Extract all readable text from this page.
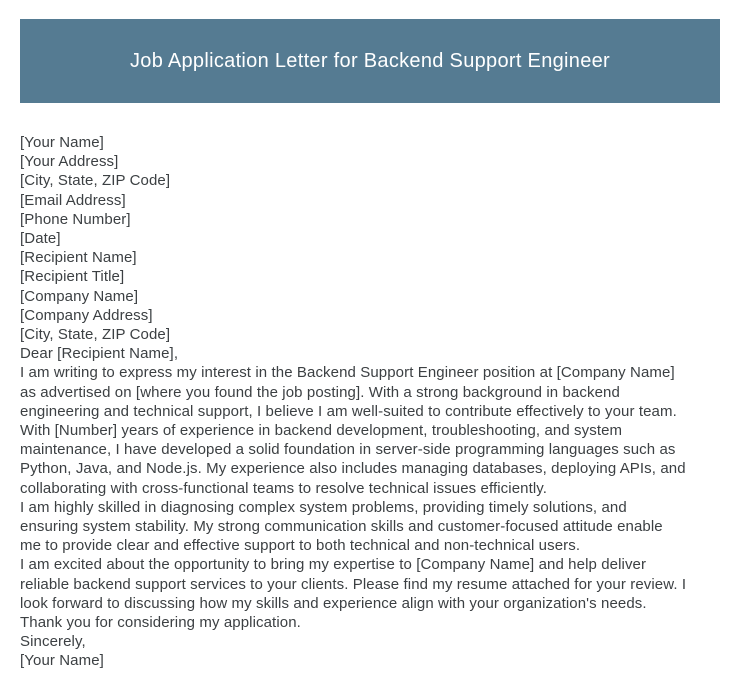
Job Application Letter for Backend Support Engineer
[Your Name]
[Your Address]
[City, State, ZIP Code]
[Email Address]
[Phone Number]
[Date]
[Recipient Name]
[Recipient Title]
[Company Name]
[Company Address]
[City, State, ZIP Code]
Dear [Recipient Name],
I am writing to express my interest in the Backend Support Engineer position at [Company Name]
as advertised on [where you found the job posting]. With a strong background in backend
engineering and technical support, I believe I am well-suited to contribute effectively to your team.
With [Number] years of experience in backend development, troubleshooting, and system
maintenance, I have developed a solid foundation in server-side programming languages such as
Python, Java, and Node.js. My experience also includes managing databases, deploying APIs, and
collaborating with cross-functional teams to resolve technical issues efficiently.
I am highly skilled in diagnosing complex system problems, providing timely solutions, and
ensuring system stability. My strong communication skills and customer-focused attitude enable
me to provide clear and effective support to both technical and non-technical users.
I am excited about the opportunity to bring my expertise to [Company Name] and help deliver
reliable backend support services to your clients. Please find my resume attached for your review. I
look forward to discussing how my skills and experience align with your organization's needs.
Thank you for considering my application.
Sincerely,
[Your Name]
